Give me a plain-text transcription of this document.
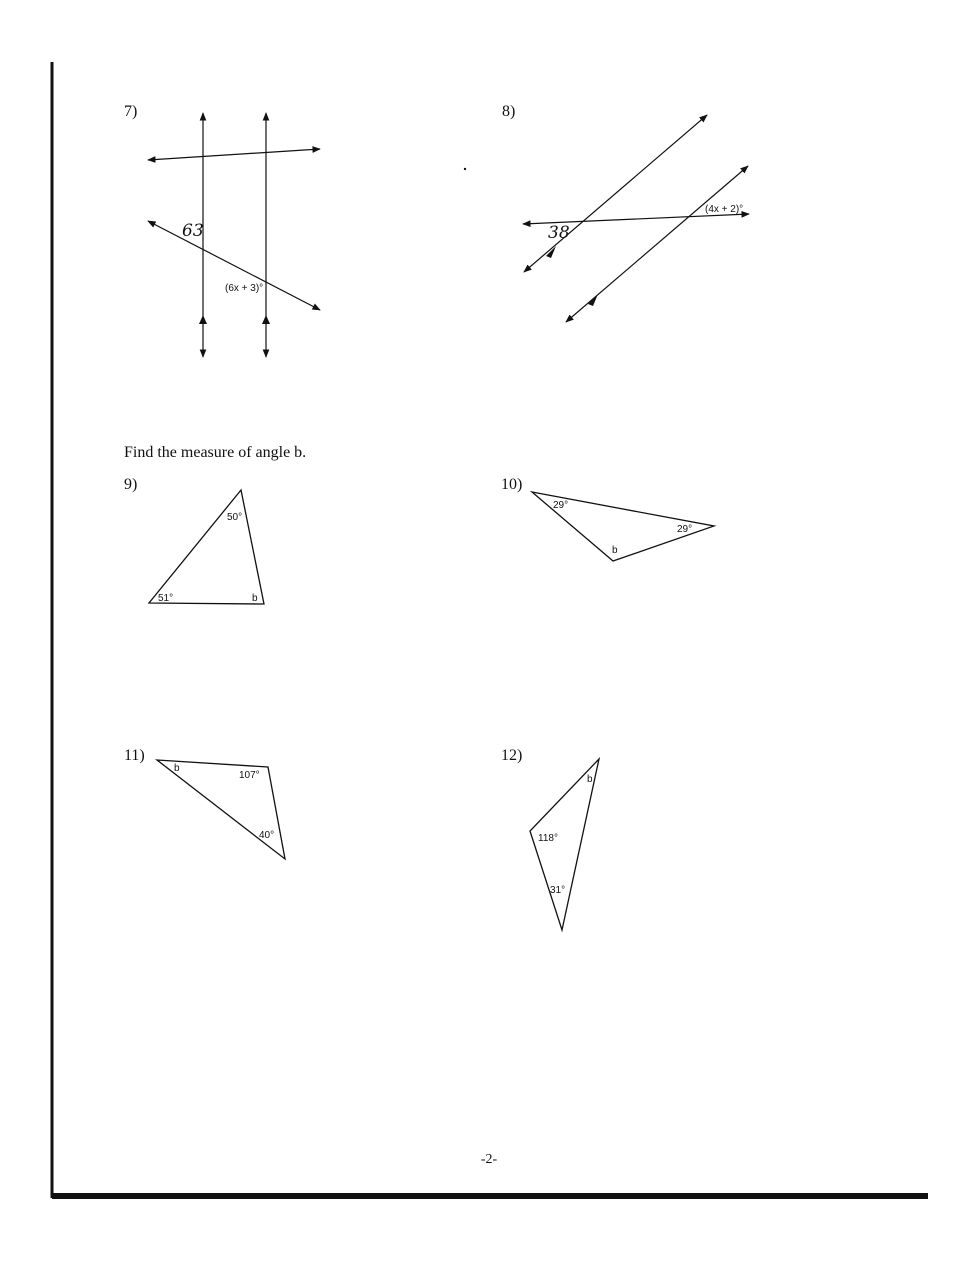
7)
63
(6x + 3)°
8)
38
(4x + 2)°
Find the measure of angle b.
9)
50°
51°	b
10)
29°
29°
b
11)
b
107°
40°
12)
b
118°
31°
-2-
